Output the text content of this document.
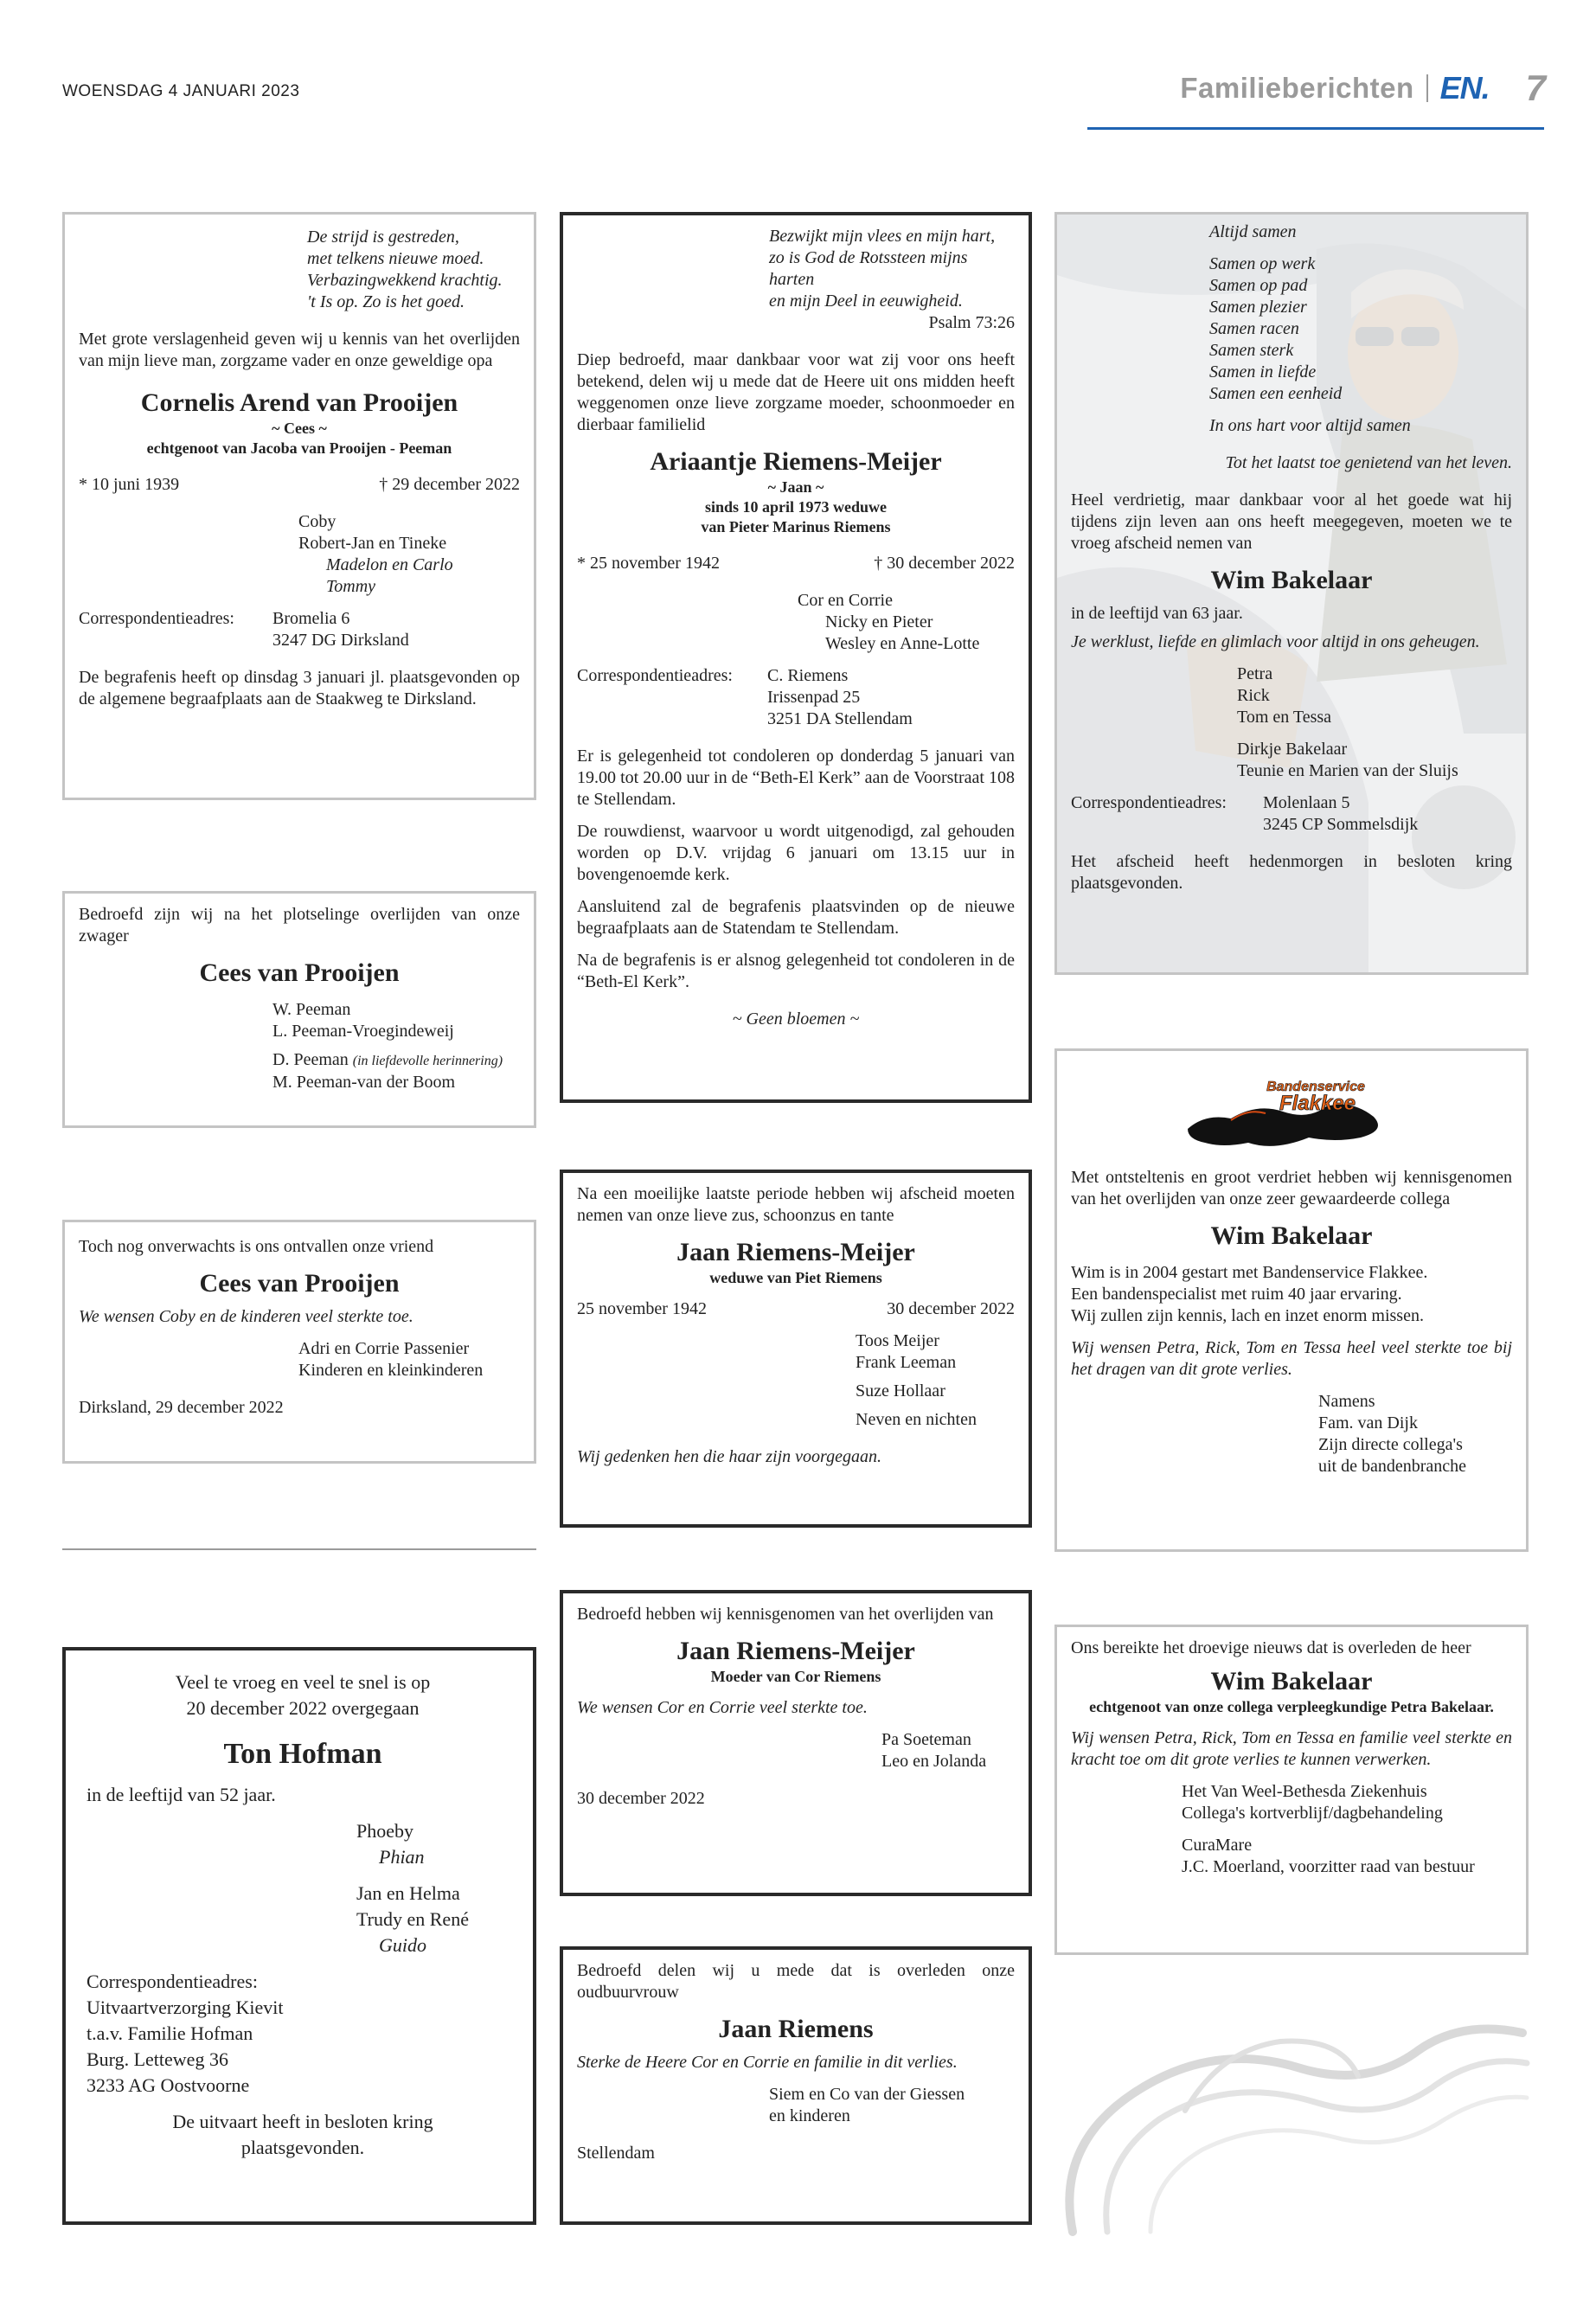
WOENSDAG 4 JANUARI 2023	Familieberichten EN. 7

De strijd is gestreden,

met telkens nieuwe moed.

Verbazingwekkend krachtig.

't Is op. Zo is het goed.

Met grote verslagenheid geven wij u kennis van het overlijden van mijn lieve man, zorgzame vader en onze geweldige opa

Cornelis Arend van Prooijen

~ Cees ~

echtgenoot van Jacoba van Prooijen - Peeman

* 10 juni 1939	† 29 december 2022

Coby

Robert-Jan en Tineke

Madelon en Carlo

Tommy

Correspondentieadres:	Bromelia 6

3247 DG Dirksland

De begrafenis heeft op dinsdag 3 januari jl. plaatsgevonden op de algemene begraafplaats aan de Staakweg te Dirksland.

Bedroefd zijn wij na het plotselinge overlijden van onze zwager

Cees van Prooijen

W. Peeman

L. Peeman-Vroegindeweij

D. Peeman (in liefdevolle herinnering)

M. Peeman-van der Boom

Toch nog onverwachts is ons ontvallen onze vriend

Cees van Prooijen

We wensen Coby en de kinderen veel sterkte toe.

Adri en Corrie Passenier

Kinderen en kleinkinderen

Dirksland, 29 december 2022

Veel te vroeg en veel te snel is op

20 december 2022 overgegaan

Ton Hofman

in de leeftijd van 52 jaar.

Phoeby

Phian

Jan en Helma

Trudy en René

Guido

Correspondentieadres:

Uitvaartverzorging Kievit

t.a.v. Familie Hofman

Burg. Letteweg 36

3233 AG Oostvoorne

De uitvaart heeft in besloten kring

plaatsgevonden.

Bezwijkt mijn vlees en mijn hart,

zo is God de Rotssteen mijns harten

en mijn Deel in eeuwigheid.

Psalm 73:26

Diep bedroefd, maar dankbaar voor wat zij voor ons heeft betekend, delen wij u mede dat de Heere uit ons midden heeft weggenomen onze lieve zorgzame moeder, schoonmoeder en dierbaar familielid

Ariaantje Riemens-Meijer

~ Jaan ~

sinds 10 april 1973 weduwe

van Pieter Marinus Riemens

* 25 november 1942	† 30 december 2022

Cor en Corrie

Nicky en Pieter

Wesley en Anne-Lotte

Correspondentieadres:	C. Riemens

Irissenpad 25

3251 DA Stellendam

Er is gelegenheid tot condoleren op donderdag 5 januari van 19.00 tot 20.00 uur in de “Beth-El Kerk” aan de Voorstraat 108 te Stellendam.

De rouwdienst, waarvoor u wordt uitgenodigd, zal gehouden worden op D.V. vrijdag 6 januari om 13.15 uur in bovengenoemde kerk.

Aansluitend zal de begrafenis plaatsvinden op de nieuwe begraafplaats aan de Statendam te Stellendam.

Na de begrafenis is er alsnog gelegenheid tot condoleren in de “Beth-El Kerk”.

~ Geen bloemen ~

Na een moeilijke laatste periode hebben wij afscheid moeten nemen van onze lieve zus, schoonzus en tante

Jaan Riemens-Meijer

weduwe van Piet Riemens

25 november 1942	30 december 2022

Toos Meijer

Frank Leeman

Suze Hollaar

Neven en nichten

Wij gedenken hen die haar zijn voorgegaan.

Bedroefd hebben wij kennisgenomen van het overlijden van

Jaan Riemens-Meijer

Moeder van Cor Riemens

We wensen Cor en Corrie veel sterkte toe.

Pa Soeteman

Leo en Jolanda

30 december 2022

Bedroefd delen wij u mede dat is overleden onze oudbuurvrouw

Jaan Riemens

Sterke de Heere Cor en Corrie en familie in dit verlies.

Siem en Co van der Giessen

en kinderen

Stellendam

Altijd samen

Samen op werk

Samen op pad

Samen plezier

Samen racen

Samen sterk

Samen in liefde

Samen een eenheid

In ons hart voor altijd samen

Tot het laatst toe genietend van het leven.

Heel verdrietig, maar dankbaar voor al het goede wat hij tijdens zijn leven aan ons heeft meegegeven, moeten we te vroeg afscheid nemen van

Wim Bakelaar

in de leeftijd van 63 jaar.

Je werklust, liefde en glimlach voor altijd in ons geheugen.

Petra

Rick

Tom en Tessa

Dirkje Bakelaar

Teunie en Marien van der Sluijs

Correspondentieadres:	Molenlaan 5

3245 CP Sommelsdijk

Het afscheid heeft hedenmorgen in besloten kring plaatsgevonden.

Bandenservice
Flakkee

Met ontsteltenis en groot verdriet hebben wij kennisgenomen van het overlijden van onze zeer gewaardeerde collega

Wim Bakelaar

Wim is in 2004 gestart met Bandenservice Flakkee.

Een bandenspecialist met ruim 40 jaar ervaring.

Wij zullen zijn kennis, lach en inzet enorm missen.

Wij wensen Petra, Rick, Tom en Tessa heel veel sterkte toe bij het dragen van dit grote verlies.

Namens

Fam. van Dijk

Zijn directe collega's

uit de bandenbranche

Ons bereikte het droevige nieuws dat is overleden de heer

Wim Bakelaar

echtgenoot van onze collega verpleegkundige Petra Bakelaar.

Wij wensen Petra, Rick, Tom en Tessa en familie veel sterkte en kracht toe om dit grote verlies te kunnen verwerken.

Het Van Weel-Bethesda Ziekenhuis

Collega's kortverblijf/dagbehandeling

CuraMare

J.C. Moerland, voorzitter raad van bestuur
